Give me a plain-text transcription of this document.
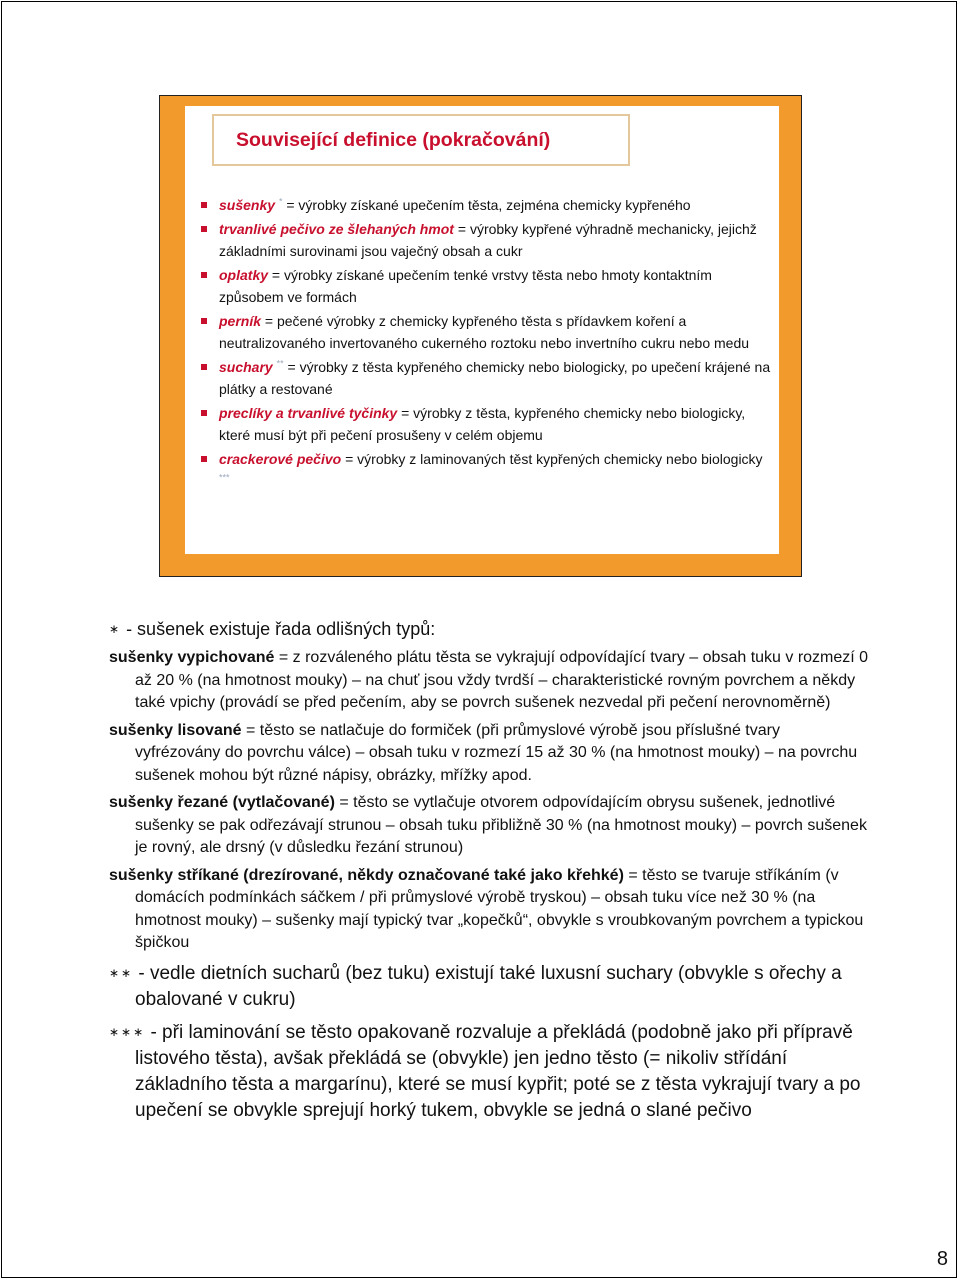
Související definice (pokračování)
sušenky * = výrobky získané upečením těsta, zejména chemicky kypřeného
trvanlivé pečivo ze šlehaných hmot = výrobky kypřené výhradně mechanicky, jejichž základními surovinami jsou vaječný obsah a cukr
oplatky = výrobky získané upečením tenké vrstvy těsta nebo hmoty kontaktním způsobem ve formách
perník = pečené výrobky z chemicky kypřeného těsta s přídavkem koření a neutralizovaného invertovaného cukerného roztoku nebo invertního cukru nebo medu
suchary ** = výrobky z těsta kypřeného chemicky nebo biologicky, po upečení krájené na plátky a restované
preclíky a trvanlivé tyčinky = výrobky z těsta, kypřeného chemicky nebo biologicky, které musí být při pečení prosušeny v celém objemu
crackerové pečivo = výrobky z laminovaných těst kypřených chemicky nebo biologicky ***
∗ - sušenek existuje řada odlišných typů:
sušenky vypichované = z rozváleného plátu těsta se vykrajují odpovídající tvary – obsah tuku v rozmezí 0 až 20 % (na hmotnost mouky) – na chuť jsou vždy tvrdší – charakteristické rovným povrchem a někdy také vpichy (provádí se před pečením, aby se povrch sušenek nezvedal při pečení nerovnoměrně)
sušenky lisované = těsto se natlačuje do formiček (při průmyslové výrobě jsou příslušné tvary vyfrézovány do povrchu válce) – obsah tuku v rozmezí 15 až 30 % (na hmotnost mouky) – na povrchu sušenek mohou být různé nápisy, obrázky, mřížky apod.
sušenky řezané (vytlačované) = těsto se vytlačuje otvorem odpovídajícím obrysu sušenek, jednotlivé sušenky se pak odřezávají strunou – obsah tuku přibližně 30 % (na hmotnost mouky) – povrch sušenek je rovný, ale drsný (v důsledku řezání strunou)
sušenky stříkané (drezírované, někdy označované také jako křehké) = těsto se tvaruje stříkáním (v domácích podmínkách sáčkem / při průmyslové výrobě tryskou) – obsah tuku více než 30 % (na hmotnost mouky) – sušenky mají typický tvar „kopečků“, obvykle s vroubkovaným povrchem a typickou špičkou
∗∗ - vedle dietních sucharů (bez tuku) existují také luxusní suchary (obvykle s ořechy a obalované v cukru)
∗∗∗ - při laminování se těsto opakovaně rozvaluje a překládá (podobně jako při přípravě listového těsta), avšak překládá se (obvykle) jen jedno těsto (= nikoliv střídání základního těsta a margarínu), které se musí kypřit; poté se z těsta vykrajují tvary a po upečení se obvykle sprejují horký tukem, obvykle se jedná o slané pečivo
8
